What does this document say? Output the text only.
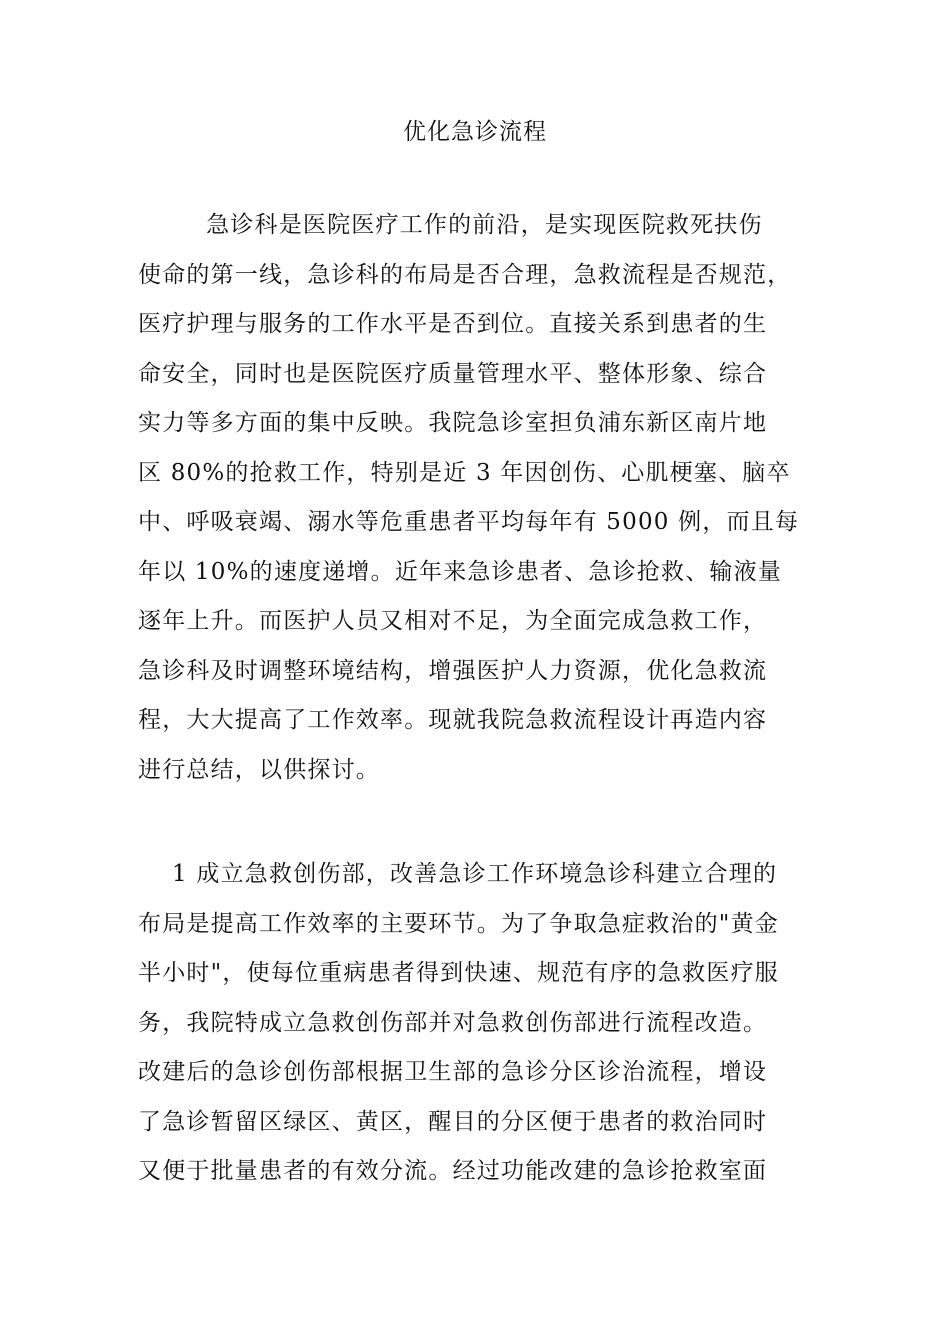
优化急诊流程
急诊科是医院医疗工作的前沿，是实现医院救死扶伤
使命的第一线，急诊科的布局是否合理，急救流程是否规范，
医疗护理与服务的工作水平是否到位。直接关系到患者的生
命安全，同时也是医院医疗质量管理水平、整体形象、综合
实力等多方面的集中反映。我院急诊室担负浦东新区南片地
区 80%的抢救工作，特别是近 3 年因创伤、心肌梗塞、脑卒
中、呼吸衰竭、溺水等危重患者平均每年有 5000 例，而且每
年以 10%的速度递增。近年来急诊患者、急诊抢救、输液量
逐年上升。而医护人员又相对不足，为全面完成急救工作，
急诊科及时调整环境结构，增强医护人力资源，优化急救流
程，大大提高了工作效率。现就我院急救流程设计再造内容
进行总结，以供探讨。
1 成立急救创伤部，改善急诊工作环境急诊科建立合理的
布局是提高工作效率的主要环节。为了争取急症救治的"黄金
半小时"，使每位重病患者得到快速、规范有序的急救医疗服
务，我院特成立急救创伤部并对急救创伤部进行流程改造。
改建后的急诊创伤部根据卫生部的急诊分区诊治流程，增设
了急诊暂留区绿区、黄区，醒目的分区便于患者的救治同时
又便于批量患者的有效分流。经过功能改建的急诊抢救室面
